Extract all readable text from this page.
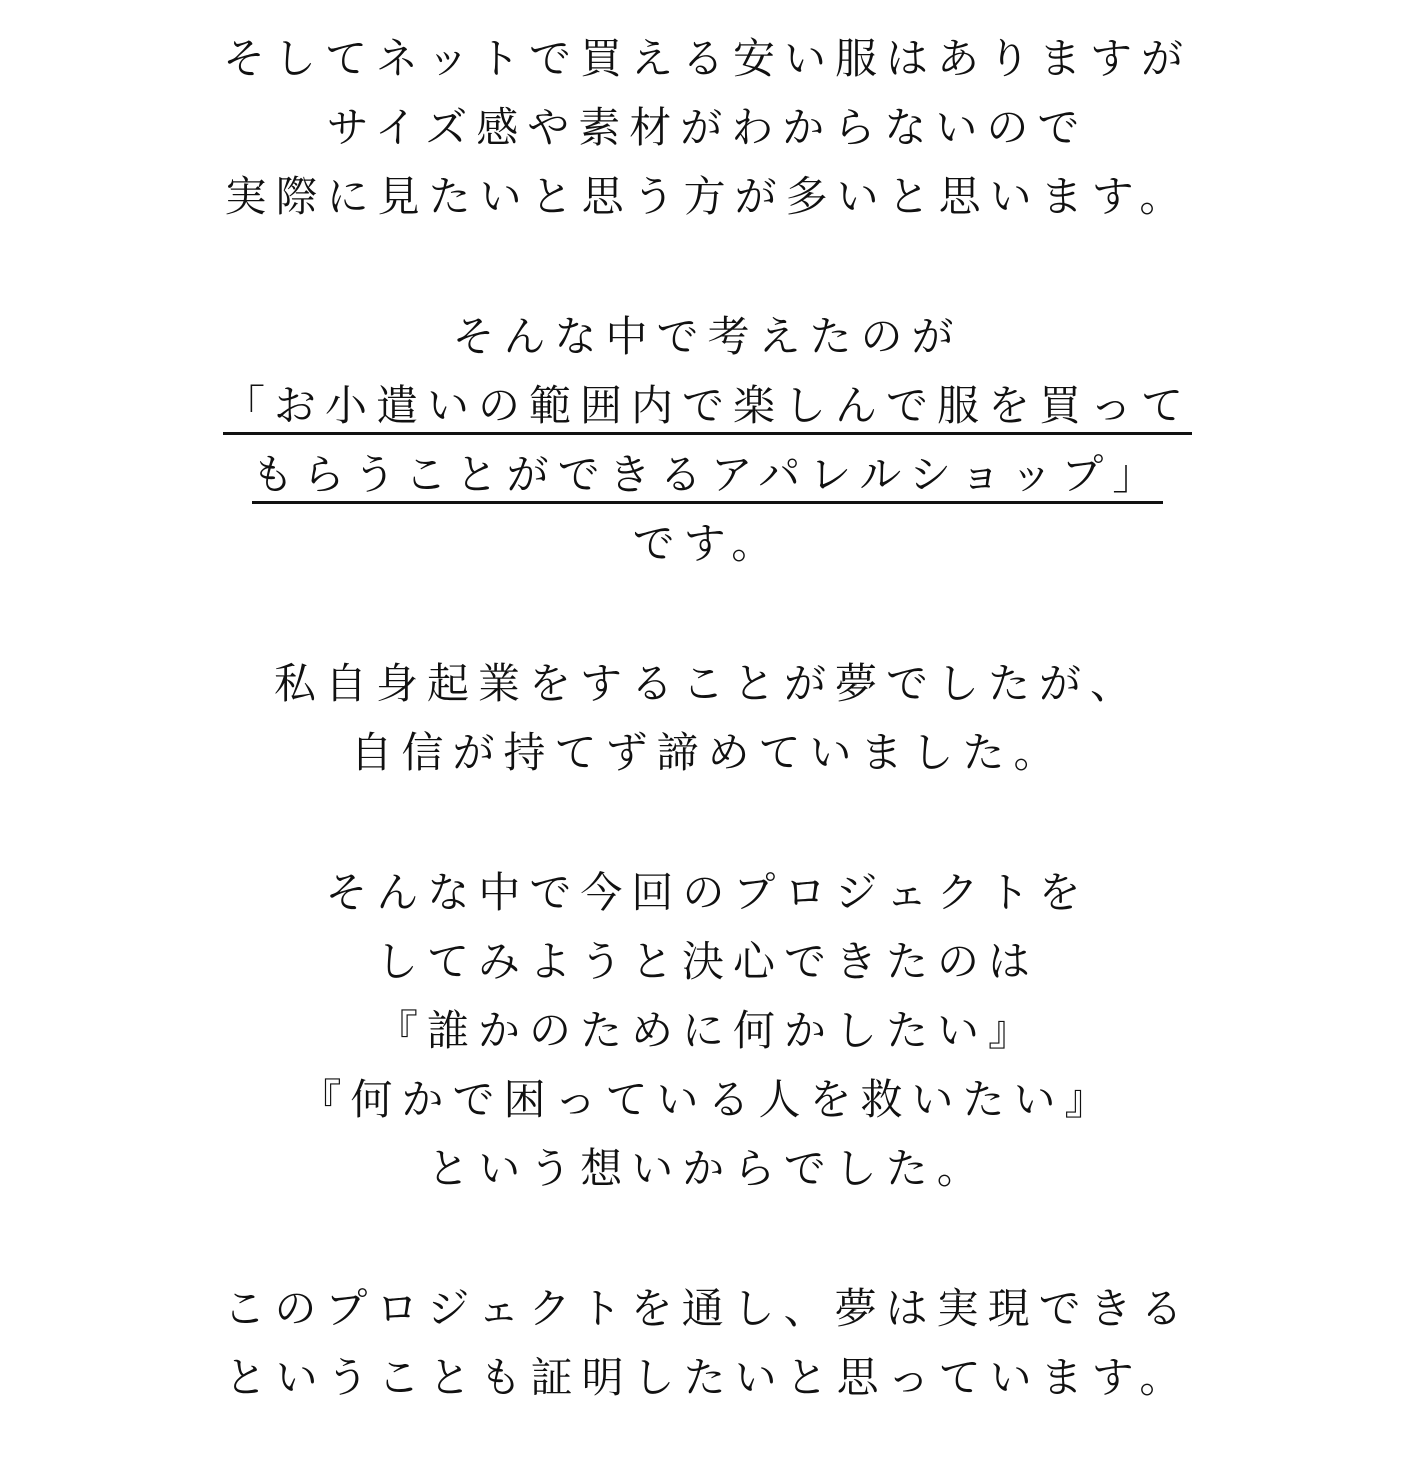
そしてネットで買える安い服はありますが
サイズ感や素材がわからないので
実際に見たいと思う方が多いと思います。

そんな中で考えたのが
「お小遣いの範囲内で楽しんで服を買って
もらうことができるアパレルショップ」
です。

私自身起業をすることが夢でしたが、
自信が持てず諦めていました。

そんな中で今回のプロジェクトを
してみようと決心できたのは
『誰かのために何かしたい』
『何かで困っている人を救いたい』
という想いからでした。

このプロジェクトを通し、夢は実現できる
ということも証明したいと思っています。
